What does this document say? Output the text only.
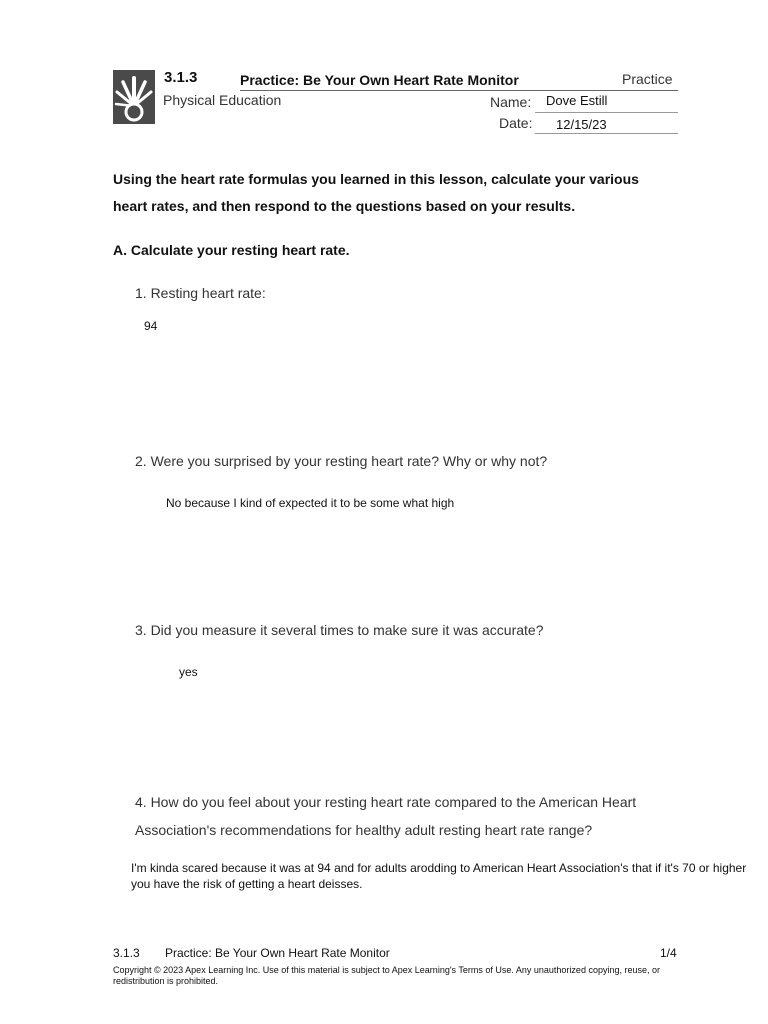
3.1.3	Practice: Be Your Own Heart Rate Monitor	Practice
Physical Education	Name: Dove Estill
Date: 12/15/23
Using the heart rate formulas you learned in this lesson, calculate your various heart rates, and then respond to the questions based on your results.
A. Calculate your resting heart rate.
1. Resting heart rate:
94
2. Were you surprised by your resting heart rate? Why or why not?
No because I kind of expected it to be some what high
3. Did you measure it several times to make sure it was accurate?
yes
4. How do you feel about your resting heart rate compared to the American Heart Association's recommendations for healthy adult resting heart rate range?
I'm kinda scared because it was at 94 and for adults arodding to American Heart Association's that if it's 70 or higher you have the risk of getting a heart deisses.
3.1.3 Practice: Be Your Own Heart Rate Monitor	1/4
Copyright © 2023 Apex Learning Inc. Use of this material is subject to Apex Learning's Terms of Use. Any unauthorized copying, reuse, or redistribution is prohibited.
